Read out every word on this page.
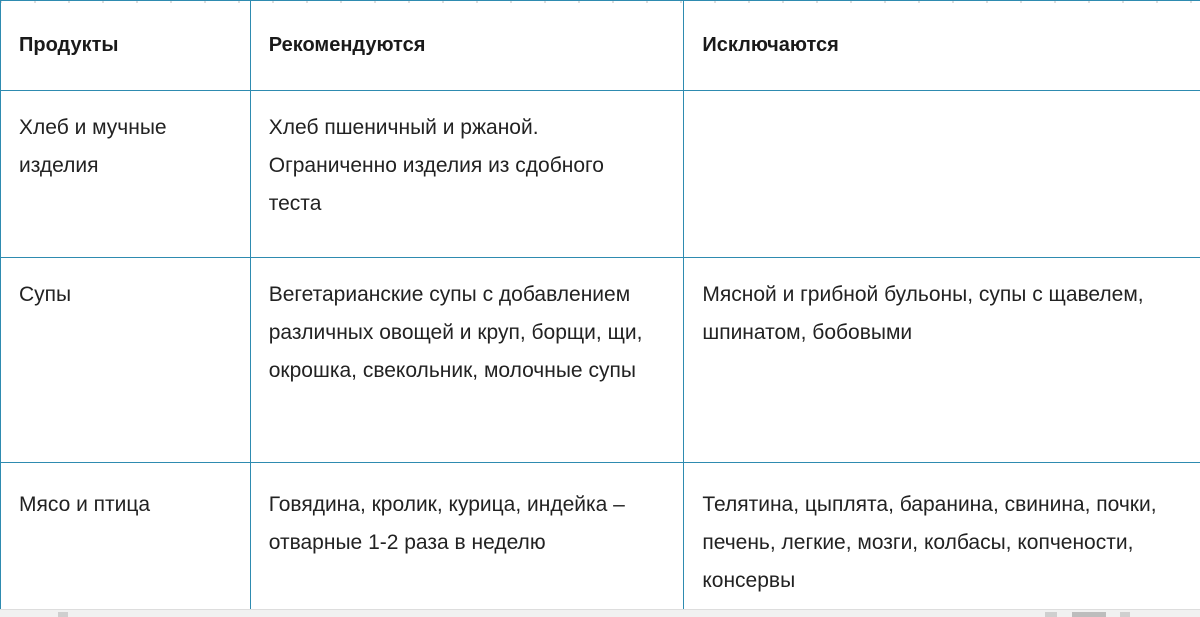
Продукты	Рекомендуются	Исключаются
Хлеб и мучные изделия	Хлеб пшеничный и ржаной. Ограниченно изделия из сдобного теста	
Супы	Вегетарианские супы с добавлением различных овощей и круп, борщи, щи, окрошка, свекольник, молочные супы	Мясной и грибной бульоны, супы с щавелем, шпинатом, бобовыми
Мясо и птица	Говядина, кролик, курица, индейка – отварные 1-2 раза в неделю	Телятина, цыплята, баранина, свинина, почки, печень, легкие, мозги, колбасы, копчености, консервы
